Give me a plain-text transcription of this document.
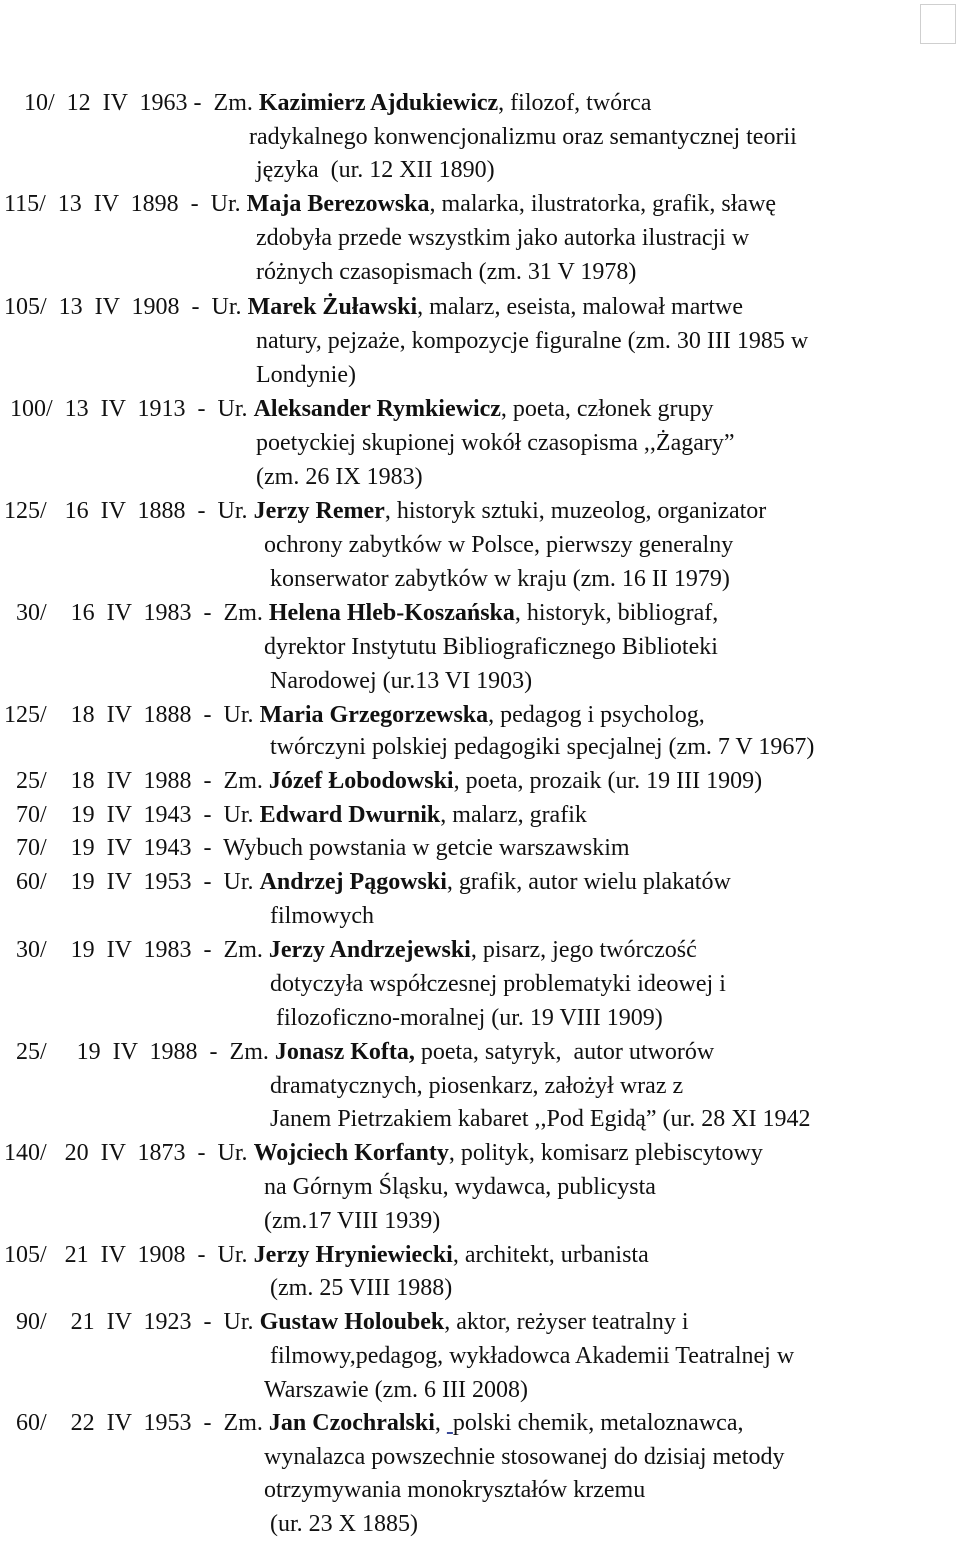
10/  12  IV  1963 -  Zm. Kazimierz Ajdukiewicz, filozof, twórca
radykalnego konwencjonalizmu oraz semantycznej teorii
języka  (ur. 12 XII 1890)
115/  13  IV  1898  -  Ur. Maja Berezowska, malarka, ilustratorka, grafik, sławę
zdobyła przede wszystkim jako autorka ilustracji w
różnych czasopismach (zm. 31 V 1978)
105/  13  IV  1908  -  Ur. Marek Żuławski, malarz, eseista, malował martwe
natury, pejzaże, kompozycje figuralne (zm. 30 III 1985 w
Londynie)
100/  13  IV  1913  -  Ur. Aleksander Rymkiewicz, poeta, członek grupy
poetyckiej skupionej wokół czasopisma ,,Żagary”
(zm. 26 IX 1983)
125/   16  IV  1888  -  Ur. Jerzy Remer, historyk sztuki, muzeolog, organizator
ochrony zabytków w Polsce, pierwszy generalny
konserwator zabytków w kraju (zm. 16 II 1979)
30/    16  IV  1983  -  Zm. Helena Hleb-Koszańska, historyk, bibliograf,
dyrektor Instytutu Bibliograficznego Biblioteki
Narodowej (ur.13 VI 1903)
125/    18  IV  1888  -  Ur. Maria Grzegorzewska, pedagog i psycholog,
twórczyni polskiej pedagogiki specjalnej (zm. 7 V 1967)
25/    18  IV  1988  -  Zm. Józef Łobodowski, poeta, prozaik (ur. 19 III 1909)
70/    19  IV  1943  -  Ur. Edward Dwurnik, malarz, grafik
70/    19  IV  1943  -  Wybuch powstania w getcie warszawskim
60/    19  IV  1953  -  Ur. Andrzej Pągowski, grafik, autor wielu plakatów
filmowych
30/    19  IV  1983  -  Zm. Jerzy Andrzejewski, pisarz, jego twórczość
dotyczyła współczesnej problematyki ideowej i
filozoficzno-moralnej (ur. 19 VIII 1909)
25/     19  IV  1988  -  Zm. Jonasz Kofta, poeta, satyryk,  autor utworów
dramatycznych, piosenkarz, założył wraz z
Janem Pietrzakiem kabaret ,,Pod Egidą” (ur. 28 XI 1942
140/   20  IV  1873  -  Ur. Wojciech Korfanty, polityk, komisarz plebiscytowy
na Górnym Śląsku, wydawca, publicysta
(zm.17 VIII 1939)
105/   21  IV  1908  -  Ur. Jerzy Hryniewiecki, architekt, urbanista
(zm. 25 VIII 1988)
90/    21  IV  1923  -  Ur. Gustaw Holoubek, aktor, reżyser teatralny i
filmowy,pedagog, wykładowca Akademii Teatralnej w
Warszawie (zm. 6 III 2008)
60/    22  IV  1953  -  Zm. Jan Czochralski,  polski chemik, metaloznawca,
wynalazca powszechnie stosowanej do dzisiaj metody
otrzymywania monokryształów krzemu
(ur. 23 X 1885)
